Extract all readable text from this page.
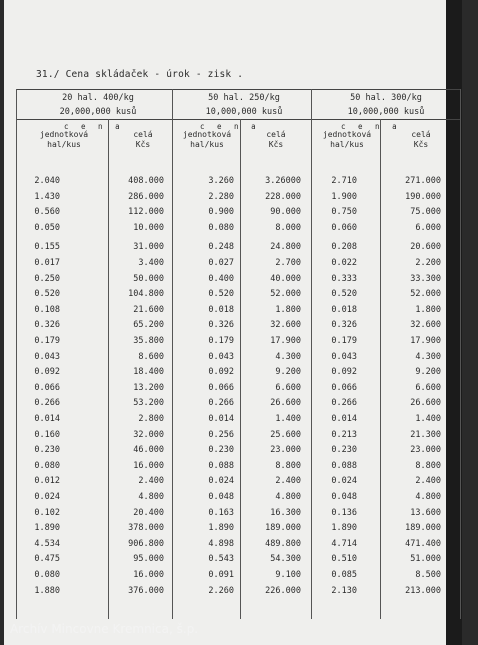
31./ Cena skládaček - úrok - zisk .
20 hal. 400/kg
20,000,000 kusů
50 hal. 250/kg
10,000,000 kusů
50 hal. 300/kg
10,000,000 kusů
c e n a	c e n a	c e n a
jednotková
hal/kus
celá
Kčs
jednotková
hal/kus
celá
Kčs
jednotková
hal/kus
celá
Kčs
2.040	408.000	3.260	3.26000	2.710	271.000
1.430	286.000	2.280	228.000	1.900	190.000
0.560	112.000	0.900	90.000	0.750	75.000
0.050	10.000	0.080	8.000	0.060	6.000
0.155	31.000	0.248	24.800	0.208	20.600
0.017	3.400	0.027	2.700	0.022	2.200
0.250	50.000	0.400	40.000	0.333	33.300
0.520	104.800	0.520	52.000	0.520	52.000
0.108	21.600	0.018	1.800	0.018	1.800
0.326	65.200	0.326	32.600	0.326	32.600
0.179	35.800	0.179	17.900	0.179	17.900
0.043	8.600	0.043	4.300	0.043	4.300
0.092	18.400	0.092	9.200	0.092	9.200
0.066	13.200	0.066	6.600	0.066	6.600
0.266	53.200	0.266	26.600	0.266	26.600
0.014	2.800	0.014	1.400	0.014	1.400
0.160	32.000	0.256	25.600	0.213	21.300
0.230	46.000	0.230	23.000	0.230	23.000
0.080	16.000	0.088	8.800	0.088	8.800
0.012	2.400	0.024	2.400	0.024	2.400
0.024	4.800	0.048	4.800	0.048	4.800
0.102	20.400	0.163	16.300	0.136	13.600
1.890	378.000	1.890	189.000	1.890	189.000
4.534	906.800	4.898	489.800	4.714	471.400
0.475	95.000	0.543	54.300	0.510	51.000
0.080	16.000	0.091	9.100	0.085	8.500
1.880	376.000	2.260	226.000	2.130	213.000
Archív Mincovne Kremnica, š.p.
